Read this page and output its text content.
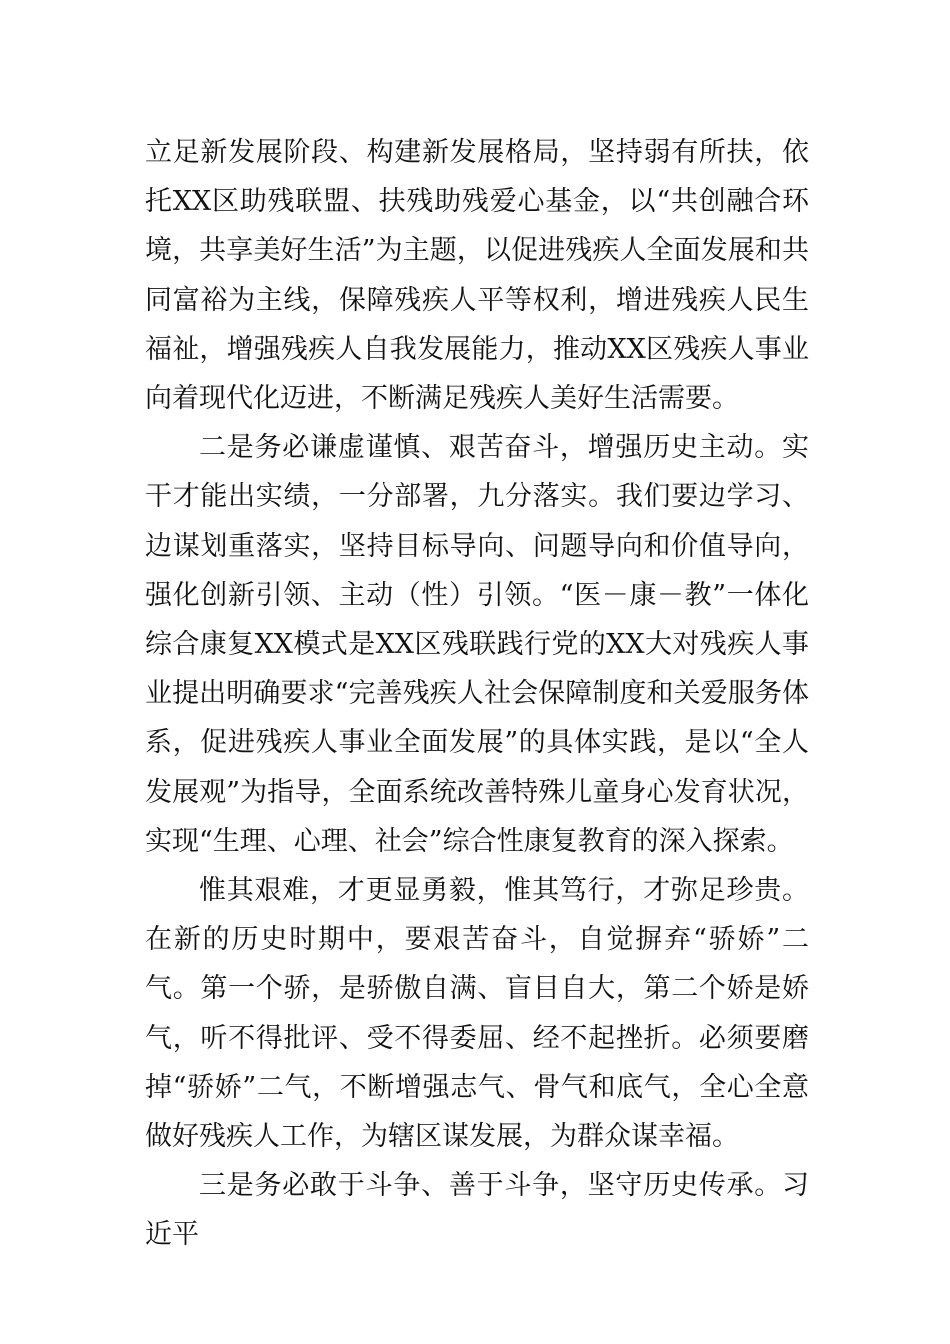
立足新发展阶段、构建新发展格局，坚持弱有所扶，依托XX区助残联盟、扶残助残爱心基金，以“共创融合环境，共享美好生活”为主题，以促进残疾人全面发展和共同富裕为主线，保障残疾人平等权利，增进残疾人民生福祉，增强残疾人自我发展能力，推动XX区残疾人事业向着现代化迈进，不断满足残疾人美好生活需要。

二是务必谦虚谨慎、艰苦奋斗，增强历史主动。实干才能出实绩，一分部署，九分落实。我们要边学习、边谋划重落实，坚持目标导向、问题导向和价值导向，强化创新引领、主动（性）引领。“医－康－教”一体化综合康复XX模式是XX区残联践行党的XX大对残疾人事业提出明确要求“完善残疾人社会保障制度和关爱服务体系，促进残疾人事业全面发展”的具体实践，是以“全人发展观”为指导，全面系统改善特殊儿童身心发育状况，实现“生理、心理、社会”综合性康复教育的深入探索。

惟其艰难，才更显勇毅，惟其笃行，才弥足珍贵。在新的历史时期中，要艰苦奋斗，自觉摒弃“骄娇”二气。第一个骄，是骄傲自满、盲目自大，第二个娇是娇气，听不得批评、受不得委屈、经不起挫折。必须要磨掉“骄娇”二气，不断增强志气、骨气和底气，全心全意做好残疾人工作，为辖区谋发展，为群众谋幸福。

三是务必敢于斗争、善于斗争，坚守历史传承。习近平
